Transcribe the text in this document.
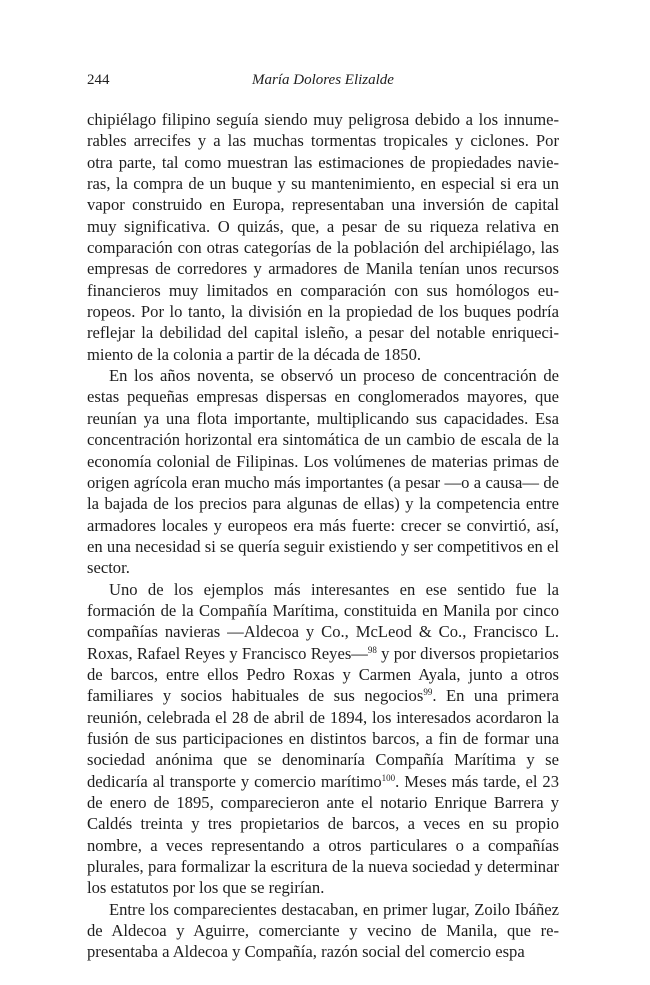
244	María Dolores Elizalde

chipiélago filipino seguía siendo muy peligrosa debido a los innumerables arrecifes y a las muchas tormentas tropicales y ciclones. Por otra parte, tal como muestran las estimaciones de propiedades navieras, la compra de un buque y su mantenimiento, en especial si era un vapor construido en Europa, representaban una inversión de capital muy significativa. O quizás, que, a pesar de su riqueza relativa en comparación con otras categorías de la población del archipiélago, las empresas de corredores y armadores de Manila tenían unos recursos financieros muy limitados en comparación con sus homólogos europeos. Por lo tanto, la división en la propiedad de los buques podría reflejar la debilidad del capital isleño, a pesar del notable enriquecimiento de la colonia a partir de la década de 1850.

En los años noventa, se observó un proceso de concentración de estas pequeñas empresas dispersas en conglomerados mayores, que reunían ya una flota importante, multiplicando sus capacidades. Esa concentración horizontal era sintomática de un cambio de escala de la economía colonial de Filipinas. Los volúmenes de materias primas de origen agrícola eran mucho más importantes (a pesar —o a causa— de la bajada de los precios para algunas de ellas) y la competencia entre armadores locales y europeos era más fuerte: crecer se convirtió, así, en una necesidad si se quería seguir existiendo y ser competitivos en el sector.

Uno de los ejemplos más interesantes en ese sentido fue la formación de la Compañía Marítima, constituida en Manila por cinco compañías navieras —Aldecoa y Co., McLeod & Co., Francisco L. Roxas, Rafael Reyes y Francisco Reyes—$^{98}$ y por diversos propietarios de barcos, entre ellos Pedro Roxas y Carmen Ayala, junto a otros familiares y socios habituales de sus negocios$^{99}$. En una primera reunión, celebrada el 28 de abril de 1894, los interesados acordaron la fusión de sus participaciones en distintos barcos, a fin de formar una sociedad anónima que se denominaría Compañía Marítima y se dedicaría al transporte y comercio marítimo$^{100}$. Meses más tarde, el 23 de enero de 1895, comparecieron ante el notario Enrique Barrera y Caldés treinta y tres propietarios de barcos, a veces en su propio nombre, a veces representando a otros particulares o a compañías plurales, para formalizar la escritura de la nueva sociedad y determinar los estatutos por los que se regirían.

Entre los comparecientes destacaban, en primer lugar, Zoilo Ibáñez de Aldecoa y Aguirre, comerciante y vecino de Manila, que representaba a Aldecoa y Compañía, razón social del comercio espa
